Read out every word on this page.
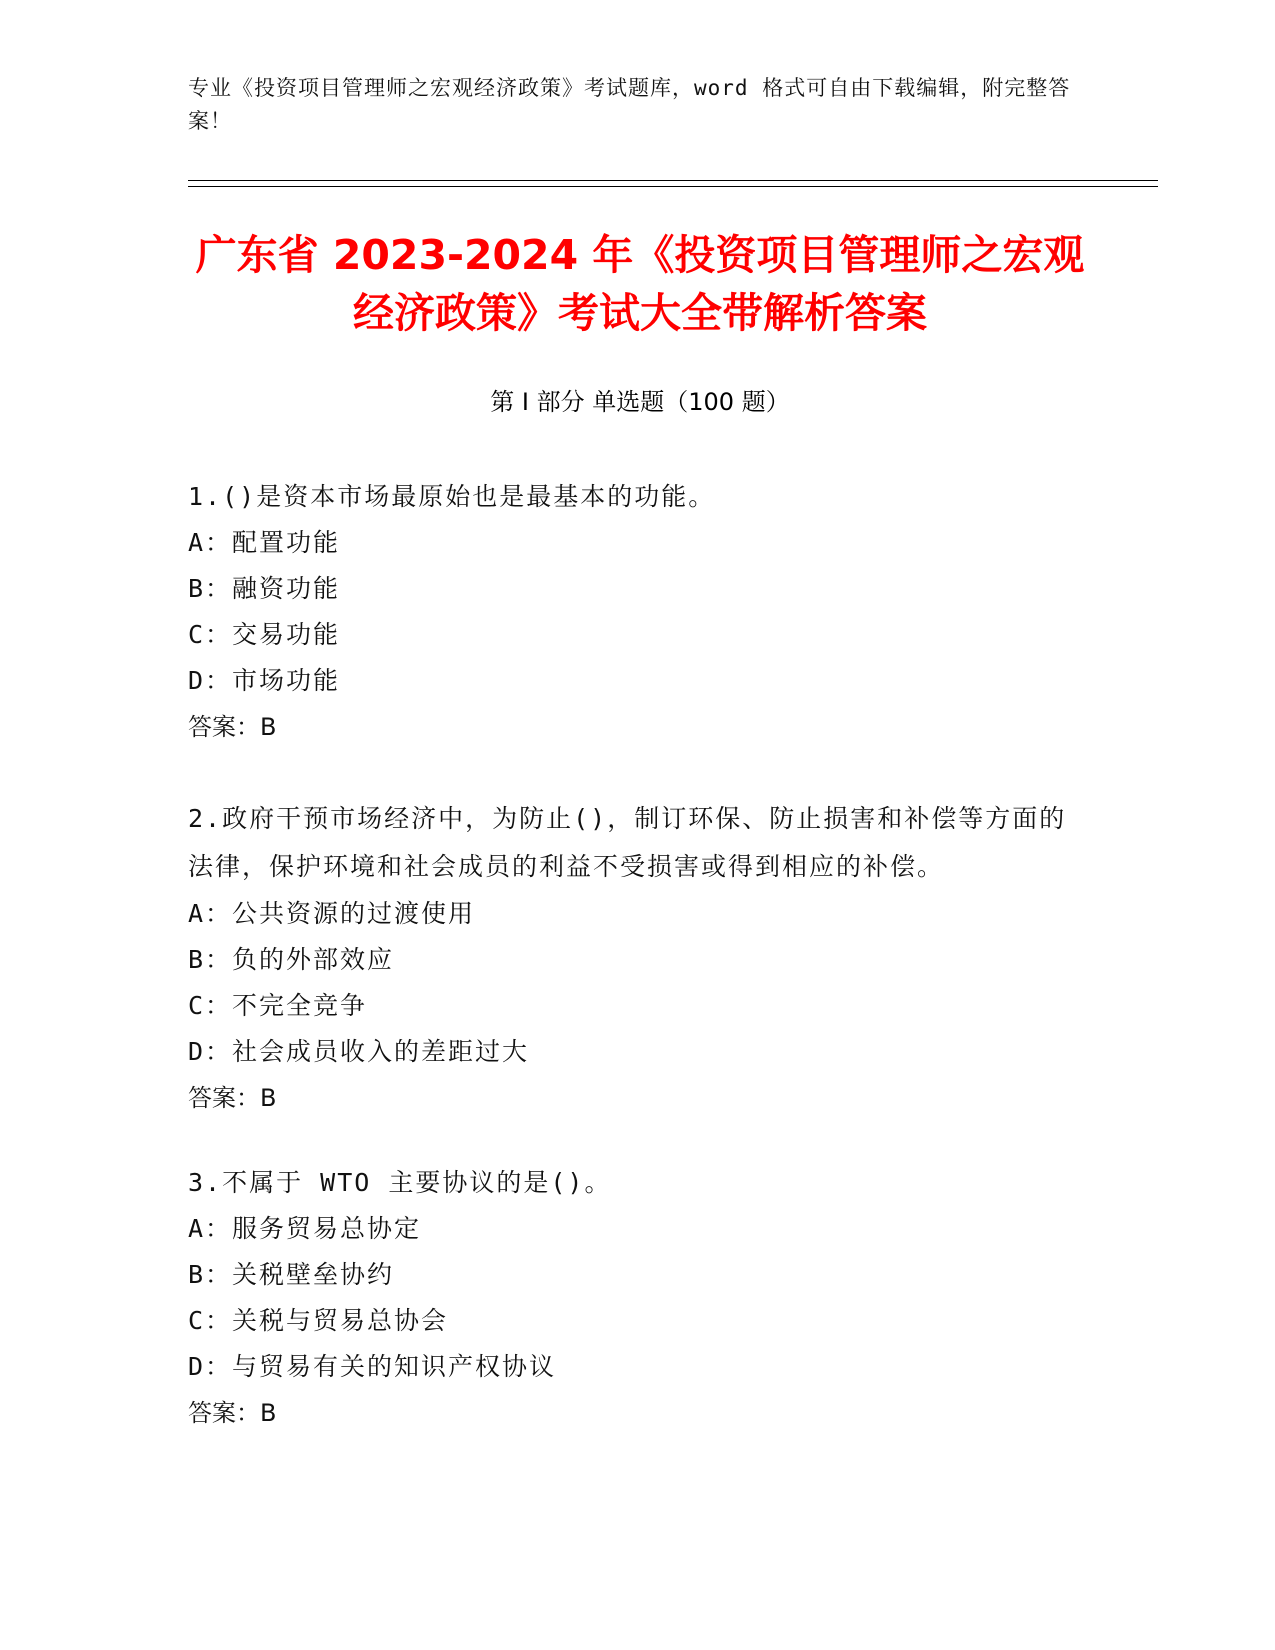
专业《投资项目管理师之宏观经济政策》考试题库，word 格式可自由下载编辑，附完整答案！
广东省 2023-2024 年《投资项目管理师之宏观经济政策》考试大全带解析答案
第 I 部分 单选题（100 题）
1.()是资本市场最原始也是最基本的功能。
A：配置功能
B：融资功能
C：交易功能
D：市场功能
答案：B
2.政府干预市场经济中，为防止()，制订环保、防止损害和补偿等方面的法律，保护环境和社会成员的利益不受损害或得到相应的补偿。
A：公共资源的过渡使用
B：负的外部效应
C：不完全竞争
D：社会成员收入的差距过大
答案：B
3.不属于 WTO 主要协议的是()。
A：服务贸易总协定
B：关税壁垒协约
C：关税与贸易总协会
D：与贸易有关的知识产权协议
答案：B
